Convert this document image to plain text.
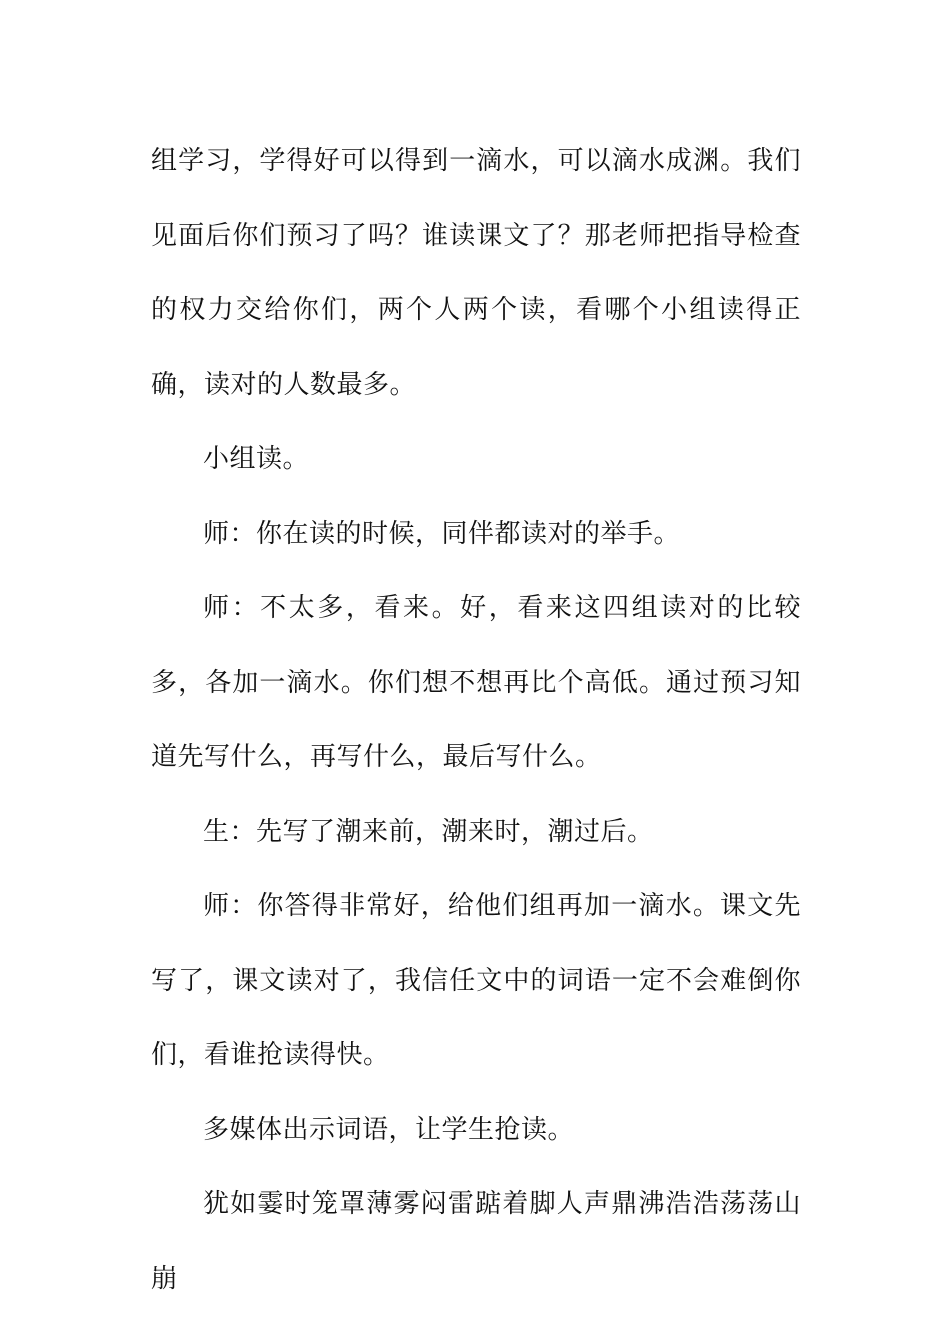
组学习，学得好可以得到一滴水，可以滴水成渊。我们见面后你们预习了吗？谁读课文了？那老师把指导检查的权力交给你们，两个人两个读，看哪个小组读得正确，读对的人数最多。

小组读。

师：你在读的时候，同伴都读对的举手。

师：不太多，看来。好，看来这四组读对的比较多，各加一滴水。你们想不想再比个高低。通过预习知道先写什么，再写什么，最后写什么。

生：先写了潮来前，潮来时，潮过后。

师：你答得非常好，给他们组再加一滴水。课文先写了，课文读对了，我信任文中的词语一定不会难倒你们，看谁抢读得快。

多媒体出示词语，让学生抢读。

犹如霎时笼罩薄雾闷雷踮着脚人声鼎沸浩浩荡荡山崩
